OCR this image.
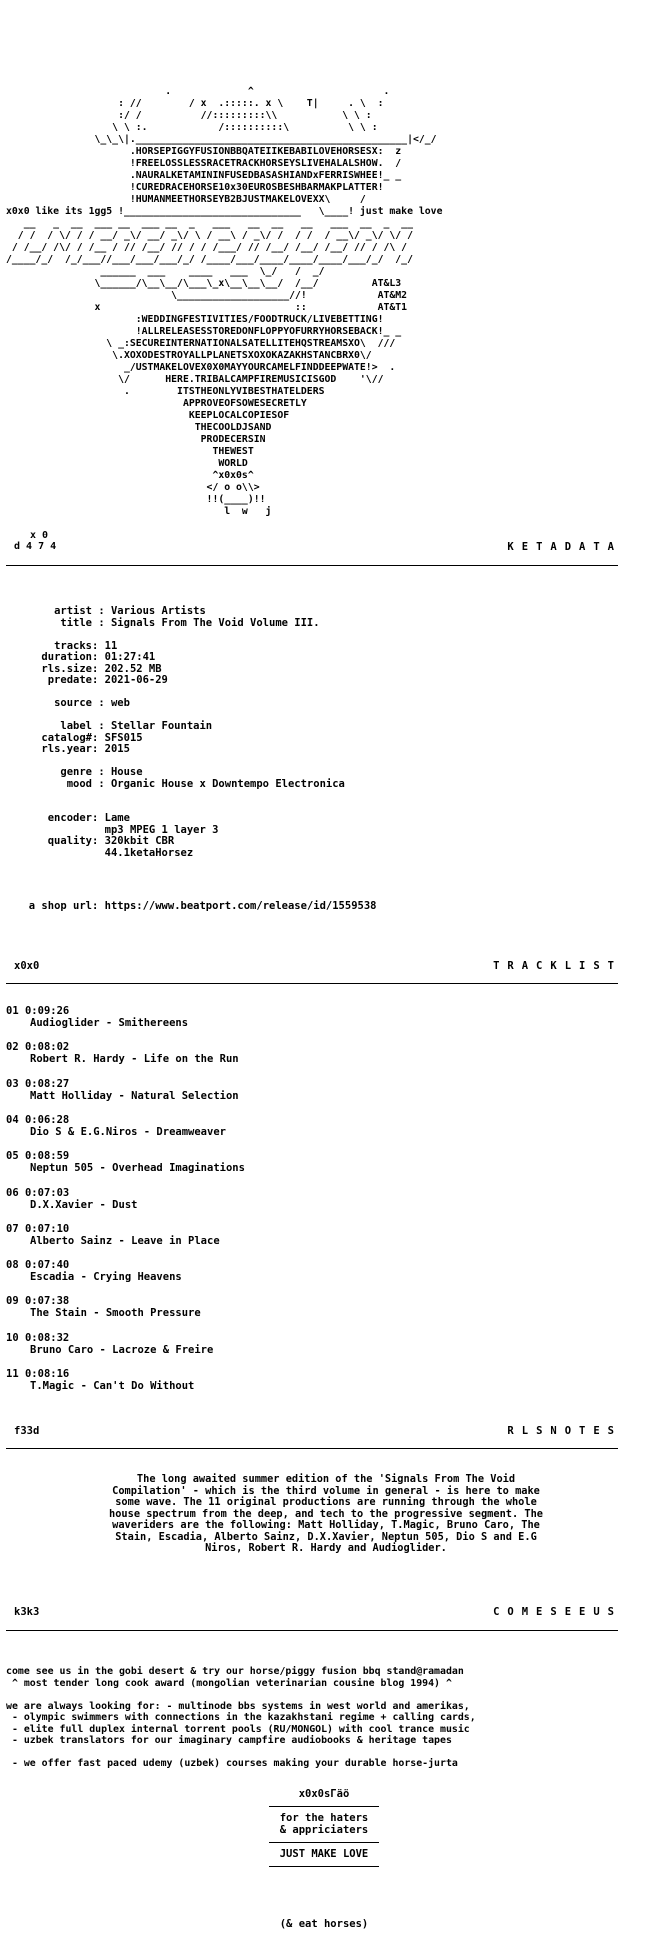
.             ^                      .
: //        / x  .:::::. x \    T|     . \  :
:/ /          //:::::::::\\           \ \ :
\ \ :.            /::::::::::\          \ \ :
\_\_\|.______________________________________________|</_/
.HORSEPIGGYFUSIONBBQATEIIKEBABILOVEHORSESX:  z
!FREELOSSLESSRACETRACKHORSEYSLIVEHALALSHOW.  /
.NAURALKETAMININFUSEDBASASHIANDxFERRISWHEE!_ _
!CUREDRACEHORSE10x30EUROSBESHBARMAKPLATTER!
!HUMANMEETHORSEYB2BJUSTMAKELOVEXX\     /
x0x0 like its 1gg5 !______________________________   \____! just make love
__   _  __  ___ __  ___ __  _   ___   __  __   __   ___  __  _  __
/ /  / \/ / / __/ _\/ __/ _\/ \ / __\ / _\/ /  / /  / __\/ _\/ \/ /
/ /__/ /\/ / /__ / // /__/ // / / /___/ // /__/ /__/ /__/ // / /\ /
/____/_/  /_/___//___/___/___/_/ /____/___/____/____/____/___/_/  /_/
______  ___    ____   ___  \_/   /  _/
\______/\__\__/\___\_x\__\__\__/  /__/         AT&L3
\___________________//!            AT&M2
x                                 ::            AT&T1
:WEDDINGFESTIVITIES/FOODTRUCK/LIVEBETTING!
!ALLRELEASESSTOREDONFLOPPYOFURRYHORSEBACK!_ _
\ _:SECUREINTERNATIONALSATELLITEHQSTREAMSXO\  ///
\.XOXODESTROYALLPLANETSXOXOKAZAKHSTANCBRX0\/
_/USTMAKELOVEX0X0MAYYOURCAMELFINDDEEPWATE!>  .
\/      HERE.TRIBALCAMPFIREMUSICISGOD    '\//
.        ITSTHEONLYVIBESTHATELDERS
APPROVEOFSOWESECRETLY
KEEPLOCALCOPIESOF
THECOOLDJSAND
PRODECERSIN
THEWEST
WORLD
^x0x0s^
</ o o\\>
!!(____)!!
l  w   j
x 0
d 4 7 4	KETADATA
artist : Various Artists
title : Signals From The Void Volume III.
tracks : 11
duration : 01:27:41
rls.size : 202.52 MB
predate : 2021-06-29
source : web
label : Stellar Fountain
catalog# : SFS015
rls.year : 2015
genre : House
mood : Organic House x Downtempo Electronica
encoder : Lame

mp3 MPEG 1 layer 3
quality : 320kbit CBR

44.1ketaHorsez
a shop url : https://www.beatport.com/release/id/1559538
x0x0	TRACKLIST
01 0:09:26
Audioglider - Smithereens
02 0:08:02
Robert R. Hardy - Life on the Run
03 0:08:27
Matt Holliday - Natural Selection
04 0:06:28
Dio S & E.G.Niros - Dreamweaver
05 0:08:59
Neptun 505 - Overhead Imaginations
06 0:07:03
D.X.Xavier - Dust
07 0:07:10
Alberto Sainz - Leave in Place
08 0:07:40
Escadia - Crying Heavens
09 0:07:38
The Stain - Smooth Pressure
10 0:08:32
Bruno Caro - Lacroze & Freire
11 0:08:16
T.Magic - Can't Do Without
f33d	RLSNOTES
The long awaited summer edition of the 'Signals From The Void
Compilation' - which is the third volume in general - is here to make
some wave. The 11 original productions are running through the whole
house spectrum from the deep, and tech to the progressive segment. The
waveriders are the following: Matt Holliday, T.Magic, Bruno Caro, The
Stain, Escadia, Alberto Sainz, D.X.Xavier, Neptun 505, Dio S and E.G
Niros, Robert R. Hardy and Audioglider.
k3k3	COMESEEUS
come see us in the gobi desert & try our horse/piggy fusion bbq stand@ramadan
^ most tender long cook award (mongolian veterinarian cousine blog 1994) ^
we are always looking for: - multinode bbs systems in west world and amerikas,
- olympic swimmers with connections in the kazakhstani regime + calling cards,
- elite full duplex internal torrent pools (RU/MONGOL) with cool trance music
- uzbek translators for our imaginary campfire audiobooks & heritage tapes
- we offer fast paced udemy (uzbek) courses making your durable horse-jurta
x0x0sГäö
for the haters
& appriciaters
JUST MAKE LOVE
(& eat horses)
